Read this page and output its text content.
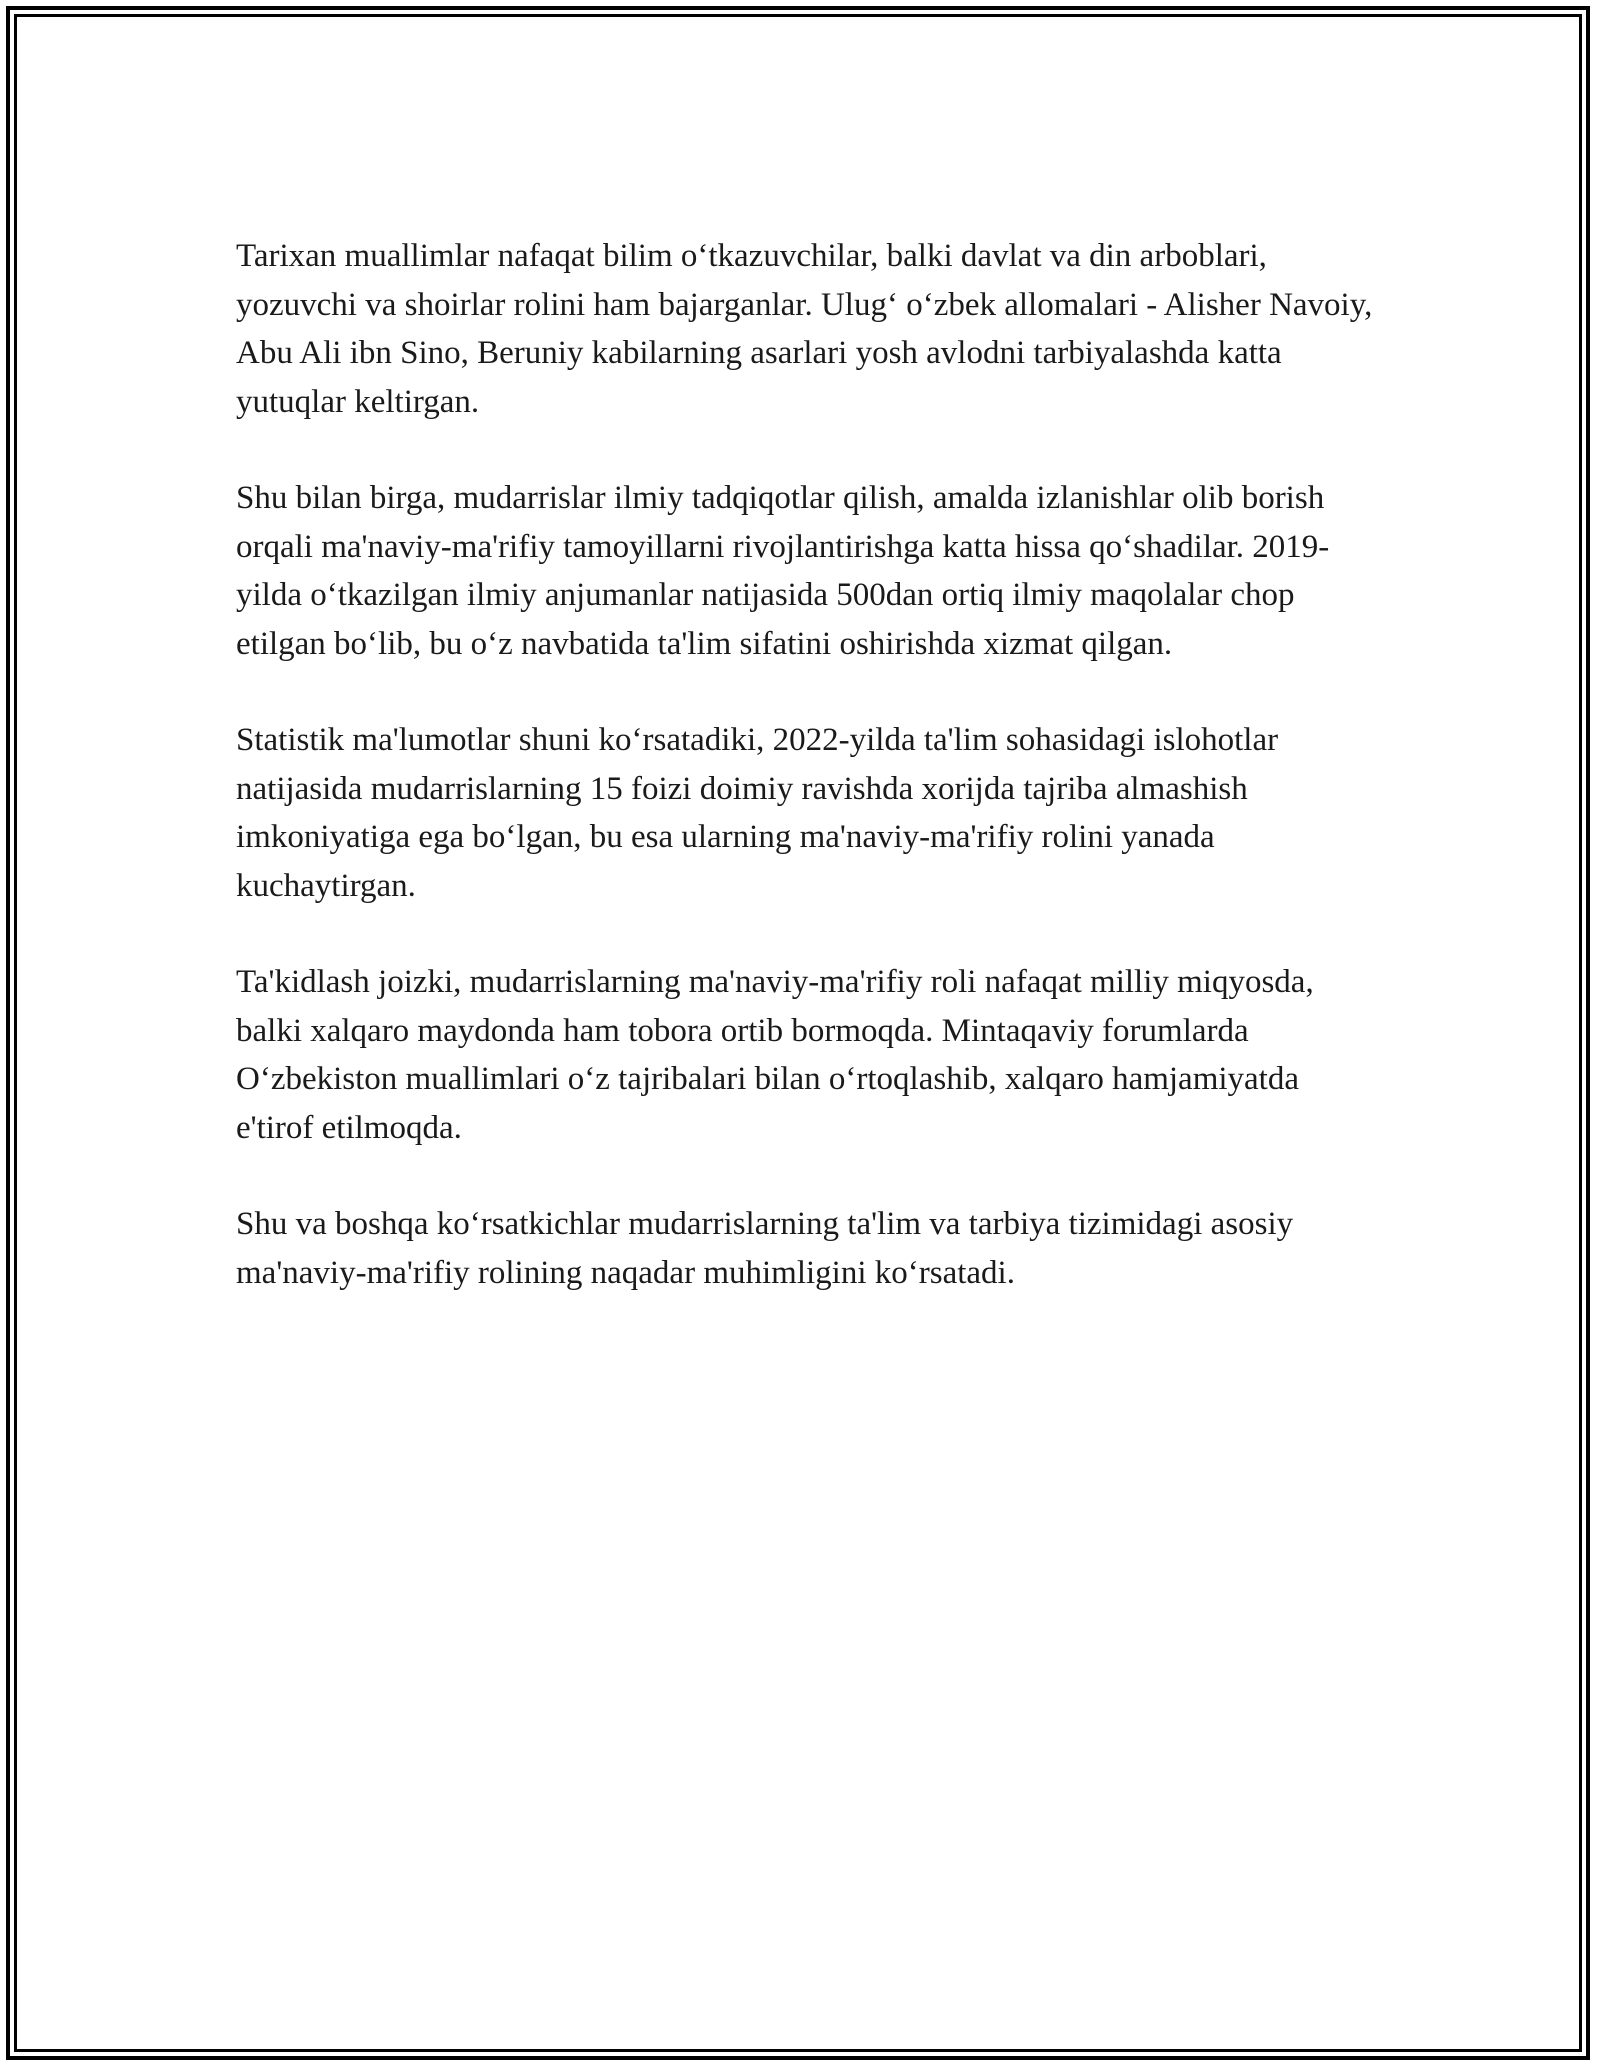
Tarixan muallimlar nafaqat bilim o‘tkazuvchilar, balki davlat va din arboblari, yozuvchi va shoirlar rolini ham bajarganlar. Ulug‘ o‘zbek allomalari - Alisher Navoiy, Abu Ali ibn Sino, Beruniy kabilarning asarlari yosh avlodni tarbiyalashda katta yutuqlar keltirgan.

Shu bilan birga, mudarrislar ilmiy tadqiqotlar qilish, amalda izlanishlar olib borish orqali ma'naviy-ma'rifiy tamoyillarni rivojlantirishga katta hissa qo‘shadilar. 2019-yilda o‘tkazilgan ilmiy anjumanlar natijasida 500dan ortiq ilmiy maqolalar chop etilgan bo‘lib, bu o‘z navbatida ta'lim sifatini oshirishda xizmat qilgan.

Statistik ma'lumotlar shuni ko‘rsatadiki, 2022-yilda ta'lim sohasidagi islohotlar natijasida mudarrislarning 15 foizi doimiy ravishda xorijda tajriba almashish imkoniyatiga ega bo‘lgan, bu esa ularning ma'naviy-ma'rifiy rolini yanada kuchaytirgan.

Ta'kidlash joizki, mudarrislarning ma'naviy-ma'rifiy roli nafaqat milliy miqyosda, balki xalqaro maydonda ham tobora ortib bormoqda. Mintaqaviy forumlarda O‘zbekiston muallimlari o‘z tajribalari bilan o‘rtoqlashib, xalqaro hamjamiyatda e'tirof etilmoqda.

Shu va boshqa ko‘rsatkichlar mudarrislarning ta'lim va tarbiya tizimidagi asosiy ma'naviy-ma'rifiy rolining naqadar muhimligini ko‘rsatadi.
